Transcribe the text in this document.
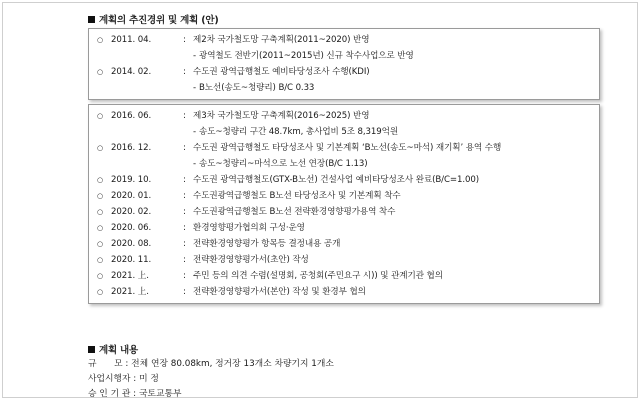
계획의 추진경위 및 계획 (안)
○ 2011. 04.	: 제2차 국가철도망 구축계획(2011~2020) 반영
- 광역철도 전반기(2011~2015년) 신규 착수사업으로 반영
○ 2014. 02.	: 수도권 광역급행철도 예비타당성조사 수행(KDI)
- B노선(송도~청량리) B/C 0.33
○ 2016. 06.	: 제3차 국가철도망 구축계획(2016~2025) 반영
- 송도~청량리 구간 48.7km, 총사업비 5조 8,319억원
○ 2016. 12.	: 수도권 광역급행철도 타당성조사 및 기본계획 ‘B노선(송도~마석) 재기획’ 용역 수행
- 송도~청량리~마석으로 노선 연장(B/C 1.13)
○ 2019. 10.	: 수도권 광역급행철도(GTX-B노선) 건설사업 예비타당성조사 완료(B/C=1.00)
○ 2020. 01.	: 수도권광역급행철도 B노선 타당성조사 및 기본계획 착수
○ 2020. 02.	: 수도권광역급행철도 B노선 전략환경영향평가용역 착수
○ 2020. 06.	: 환경영향평가협의회 구성·운영
○ 2020. 08.	: 전략환경영향평가 항목등 결정내용 공개
○ 2020. 11.	: 전략환경영향평가서(초안) 작성
○ 2021. 上.	: 주민 등의 의견 수렴(설명회, 공청회(주민요구 시)) 및 관계기관 협의
○ 2021. 上.	: 전략환경영향평가서(본안) 작성 및 환경부 협의
계획 내용
규　　모 : 전체 연장 80.08km, 정거장 13개소 차량기지 1개소
사업시행자 : 미 정
승 인 기 관 : 국토교통부
